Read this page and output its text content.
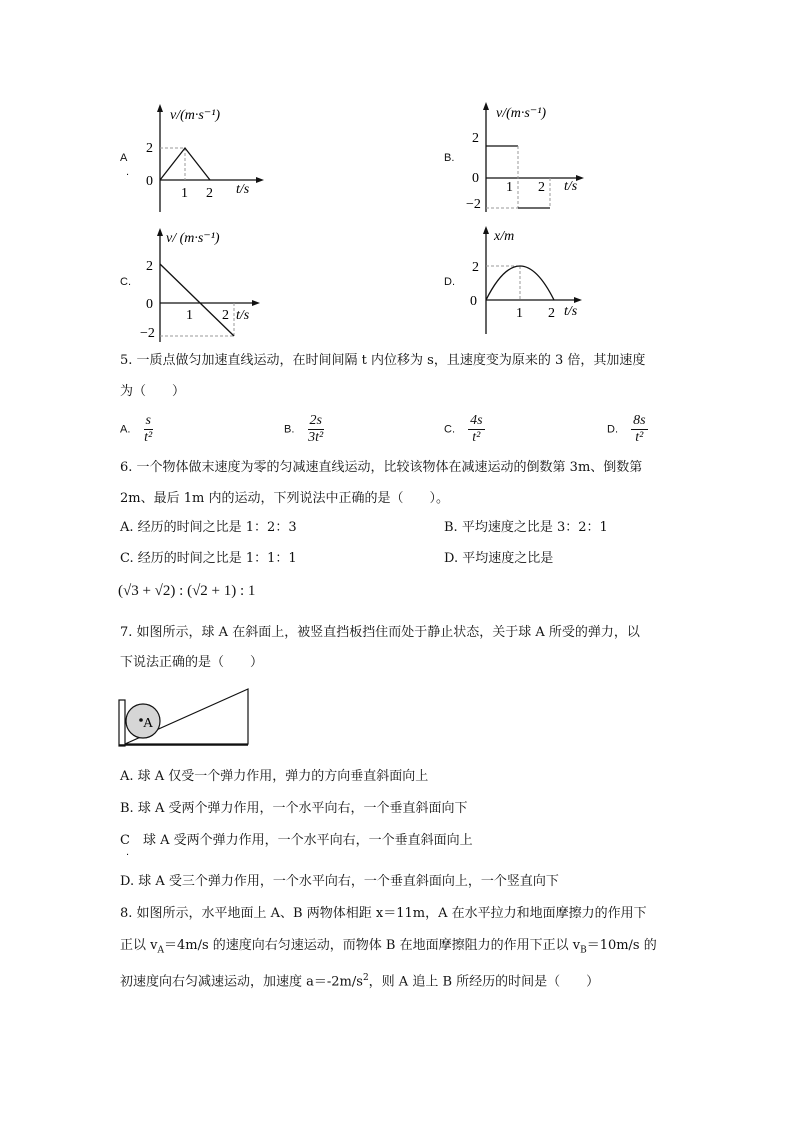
A
.
v/(m·s⁻¹)
2
0
1 2 t/s
B.
v/(m·s⁻¹)
2
0
−2
1 2 t/s
C.
v/ (m·s⁻¹)
2
0
−2
1 2 t/s
D.
x/m
2
0
1 2 t/s
5. 一质点做匀加速直线运动，在时间间隔 t 内位移为 s，且速度变为原来的 3 倍，其加速度
为（　　）
A. $\frac{s}{\text{t²}}$	B. $\frac{2s}{\text{3t²}}$	C. $\frac{4s}{\text{t²}}$	D. $\frac{8s}{\text{t²}}$
6. 一个物体做末速度为零的匀减速直线运动，比较该物体在减速运动的倒数第 3m、倒数第
2m、最后 1m 内的运动，下列说法中正确的是（　　）。
A. 经历的时间之比是 1：2：3	B. 平均速度之比是 3：2：1
C. 经历的时间之比是 1：1：1	D. 平均速度之比是
(√3 + √2) : (√2 + 1) : 1
7. 如图所示，球 A 在斜面上，被竖直挡板挡住而处于静止状态，关于球 A 所受的弹力，以
下说法正确的是（　　）
A
A. 球 A 仅受一个弹力作用，弹力的方向垂直斜面向上
B. 球 A 受两个弹力作用，一个水平向右，一个垂直斜面向下
C　球 A 受两个弹力作用，一个水平向右，一个垂直斜面向上
.
D. 球 A 受三个弹力作用，一个水平向右，一个垂直斜面向上，一个竖直向下
8. 如图所示，水平地面上 A、B 两物体相距 x＝11m，A 在水平拉力和地面摩擦力的作用下
正以 $v_A=4m/s$ 的速度向右匀速运动，而物体 B 在地面摩擦阻力的作用下正以 $v_B=10m/s$ 的
初速度向右匀减速运动，加速度 $a=-2m/s^2$，则 A 追上 B 所经历的时间是（　　）
